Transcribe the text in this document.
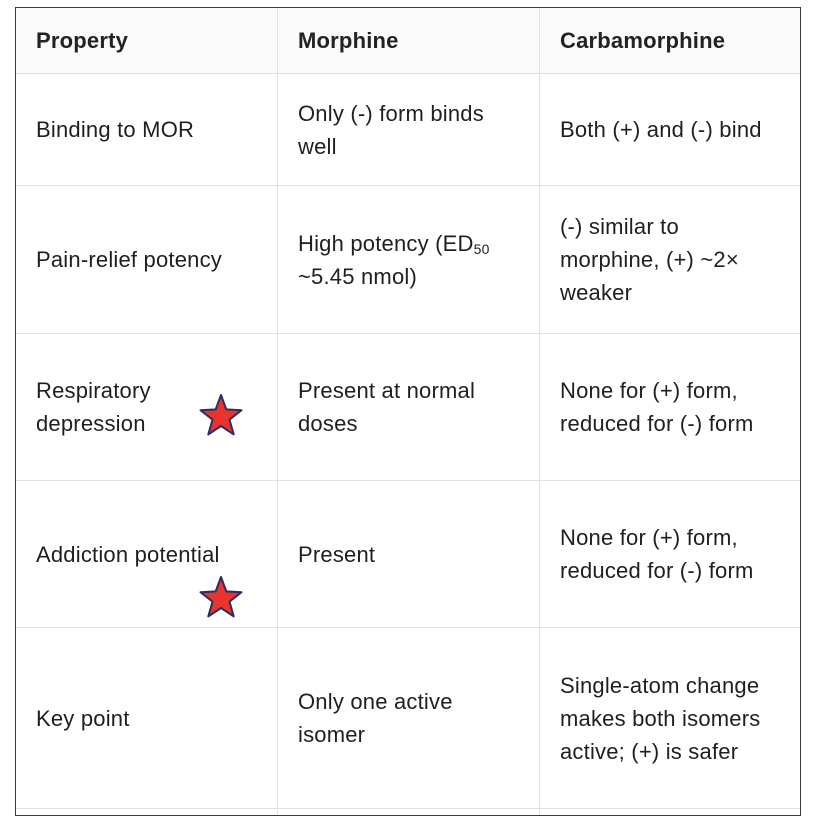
Property	Morphine	Carbamorphine
Binding to MOR	Only (-) form binds well	Both (+) and (-) bind
Pain-relief potency	High potency ($ED_{50}$ ~5.45 nmol)	(-) similar to morphine, (+) ~2× weaker

Respiratory depression	Present at normal doses	None for (+) form, reduced for (-) form

Addiction potential	Present	None for (+) form, reduced for (-) form
Key point	Only one active isomer	Single-atom change makes both isomers active; (+) is safer
